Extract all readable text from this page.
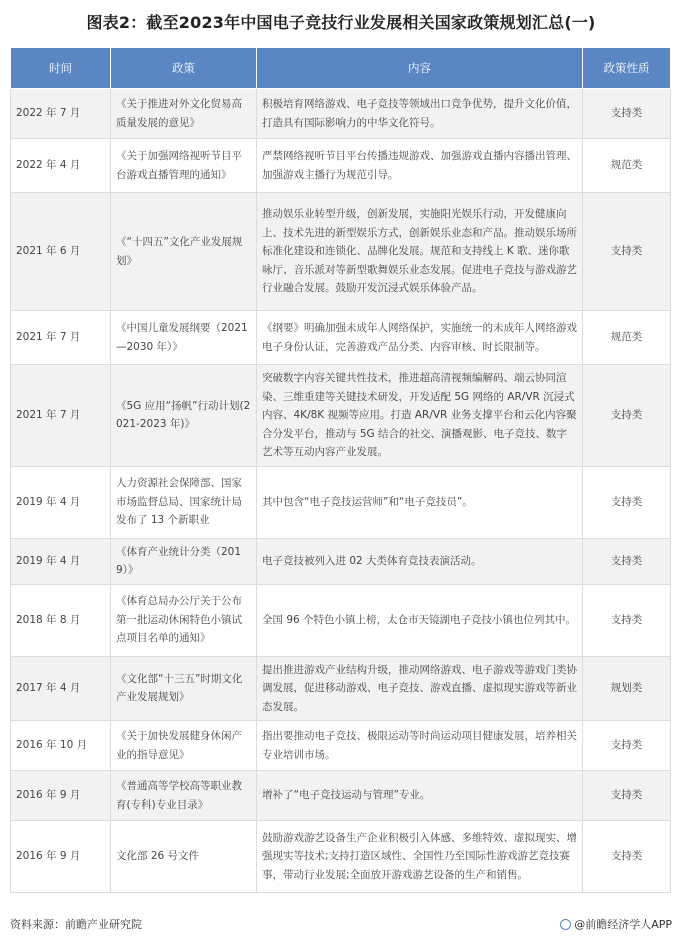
图表2：截至2023年中国电子竞技行业发展相关国家政策规划汇总(一)
时间	政策	内容	政策性质
2022 年 7 月	《关于推进对外文化贸易高质量发展的意见》	积极培育网络游戏、电子竞技等领域出口竞争优势，提升文化价值，打造具有国际影响力的中华文化符号。	支持类
2022 年 4 月	《关于加强网络视听节目平台游戏直播管理的通知》	严禁网络视听节目平台传播违规游戏、加强游戏直播内容播出管理、加强游戏主播行为规范引导。	规范类
2021 年 6 月	《“十四五”文化产业发展规划》	推动娱乐业转型升级，创新发展，实施阳光娱乐行动，开发健康向上、技术先进的新型娱乐方式，创新娱乐业态和产品。推动娱乐场所标准化建设和连锁化、品牌化发展。规范和支持线上 K 歌、迷你歌咏厅、音乐派对等新型歌舞娱乐业态发展。促进电子竞技与游戏游艺行业融合发展。鼓励开发沉浸式娱乐体验产品。	支持类
2021 年 7 月	《中国儿童发展纲要（2021—2030 年）》	《纲要》明确加强未成年人网络保护，实施统一的未成年人网络游戏电子身份认证，完善游戏产品分类、内容审核、时长限制等。	规范类
2021 年 7 月	《5G 应用“扬帆”行动计划(2021-2023 年)》	突破数字内容关键共性技术，推进超高清视频编解码、端云协同渲染、三维重建等关键技术研发，开发适配 5G 网络的 AR/VR 沉浸式内容、4K/8K 视频等应用。打造 AR/VR 业务支撑平台和云化内容聚合分发平台，推动与 5G 结合的社交、演播观影、电子竞技、数字艺术等互动内容产业发展。	支持类
2019 年 4 月	人力资源社会保障部、国家市场监督总局、国家统计局发布了 13 个新职业	其中包含“电子竞技运营师”和“电子竞技员”。	支持类
2019 年 4 月	《体育产业统计分类（2019）》	电子竞技被列入进 02 大类体育竞技表演活动。	支持类
2018 年 8 月	《体育总局办公厅关于公布第一批运动休闲特色小镇试点项目名单的通知》	全国 96 个特色小镇上榜，太仓市天镜湖电子竞技小镇也位列其中。	支持类
2017 年 4 月	《文化部“十三五”时期文化产业发展规划》	提出推进游戏产业结构升级，推动网络游戏、电子游戏等游戏门类协调发展，促进移动游戏、电子竞技、游戏直播、虚拟现实游戏等新业态发展。	规划类
2016 年 10 月	《关于加快发展健身休闲产业的指导意见》	指出要推动电子竞技、极限运动等时尚运动项目健康发展，培养相关专业培训市场。	支持类
2016 年 9 月	《普通高等学校高等职业教育(专科)专业目录》	增补了“电子竞技运动与管理”专业。	支持类
2016 年 9 月	文化部 26 号文件	鼓励游戏游艺设备生产企业积极引入体感、多维特效、虚拟现实、增强现实等技术;支持打造区域性、全国性乃至国际性游戏游艺竞技赛事，带动行业发展;全面放开游戏游艺设备的生产和销售。	支持类
资料来源：前瞻产业研究院	@前瞻经济学人APP
